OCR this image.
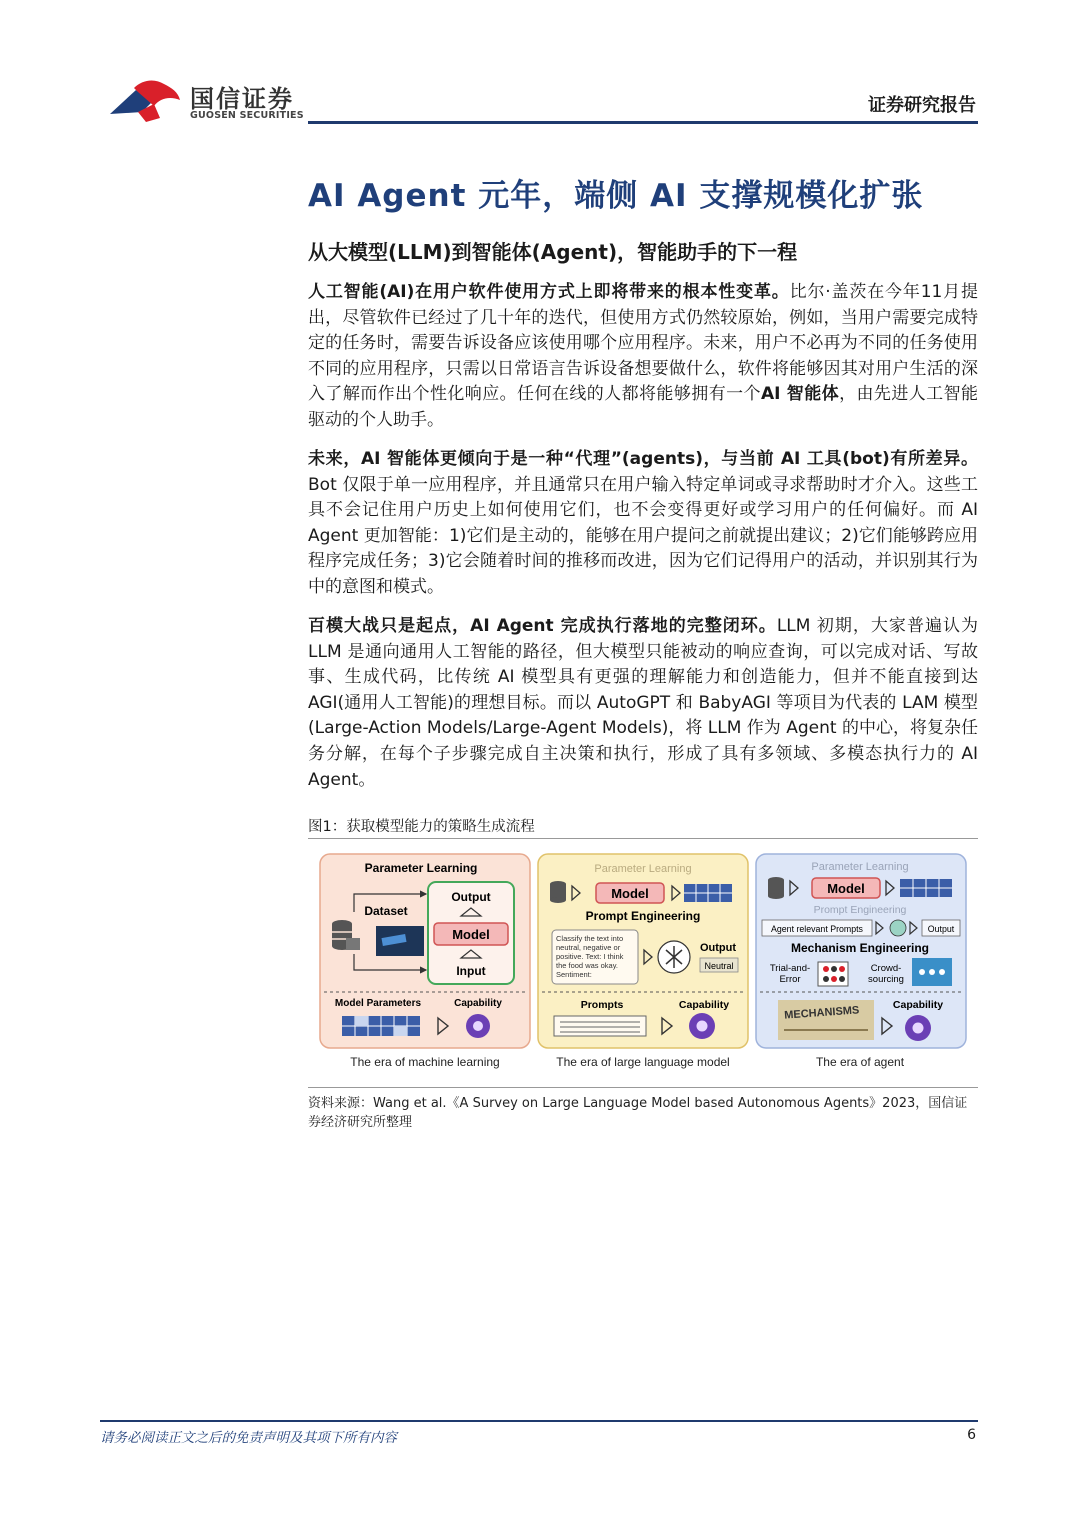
国信证券
GUOSEN SECURITIES	证券研究报告
AI Agent 元年，端侧 AI 支撑规模化扩张
从大模型(LLM)到智能体(Agent)，智能助手的下一程
人工智能(AI)在用户软件使用方式上即将带来的根本性变革。比尔·盖茨在今年11月提出，尽管软件已经过了几十年的迭代，但使用方式仍然较原始，例如，当用户需要完成特定的任务时，需要告诉设备应该使用哪个应用程序。未来，用户不必再为不同的任务使用不同的应用程序，只需以日常语言告诉设备想要做什么，软件将能够因其对用户生活的深入了解而作出个性化响应。任何在线的人都将能够拥有一个AI 智能体，由先进人工智能驱动的个人助手。
未来，AI 智能体更倾向于是一种“代理”(agents)，与当前 AI 工具(bot)有所差异。Bot 仅限于单一应用程序，并且通常只在用户输入特定单词或寻求帮助时才介入。这些工具不会记住用户历史上如何使用它们，也不会变得更好或学习用户的任何偏好。而 AI Agent 更加智能：1)它们是主动的，能够在用户提问之前就提出建议；2)它们能够跨应用程序完成任务；3)它会随着时间的推移而改进，因为它们记得用户的活动，并识别其行为中的意图和模式。
百模大战只是起点，AI Agent 完成执行落地的完整闭环。LLM 初期，大家普遍认为 LLM 是通向通用人工智能的路径，但大模型只能被动的响应查询，可以完成对话、写故事、生成代码，比传统 AI 模型具有更强的理解能力和创造能力，但并不能直接到达 AGI(通用人工智能)的理想目标。而以 AutoGPT 和 BabyAGI 等项目为代表的 LAM 模型(Large-Action Models/Large-Agent Models)，将 LLM 作为 Agent 的中心，将复杂任务分解，在每个子步骤完成自主决策和执行，形成了具有多领域、多模态执行力的 AI Agent。
图1：获取模型能力的策略生成流程
Parameter Learning
Output
Model
Input
Dataset
Model Parameters	Capability
The era of machine learning
Parameter Learning
Model
Prompt Engineering
Classify the text into
neutral, negative or
positive. Text: I think
the food was okay.
Sentiment:
Output
Neutral
Prompts	Capability
The era of large language model
Parameter Learning
Model
Prompt Engineering
Agent relevant Prompts	Output
Mechanism Engineering
Trial-and-
Error
Crowd-
sourcing
MECHANISMS	Capability
The era of agent
资料来源：Wang et al.《A Survey on Large Language Model based Autonomous Agents》2023，国信证券经济研究所整理
请务必阅读正文之后的免责声明及其项下所有内容	6
